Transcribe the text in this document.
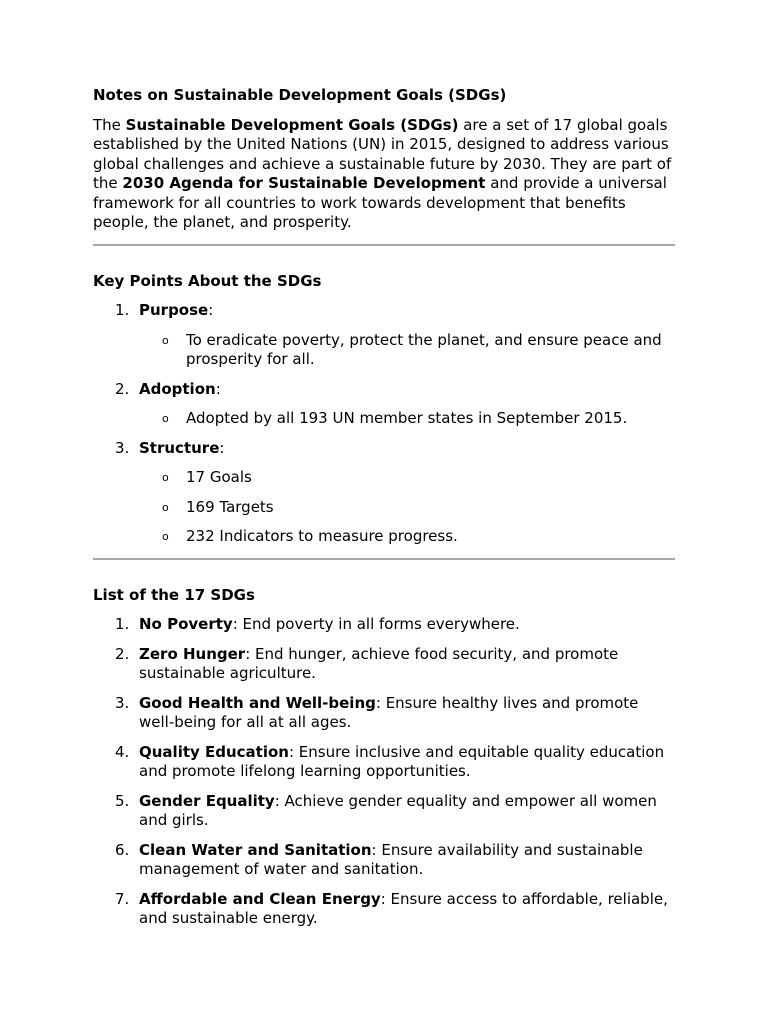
Notes on Sustainable Development Goals (SDGs)

The Sustainable Development Goals (SDGs) are a set of 17 global goals established by the United Nations (UN) in 2015, designed to address various global challenges and achieve a sustainable future by 2030. They are part of the 2030 Agenda for Sustainable Development and provide a universal framework for all countries to work towards development that benefits people, the planet, and prosperity.

Key Points About the SDGs
1. Purpose:
o To eradicate poverty, protect the planet, and ensure peace and prosperity for all.
2. Adoption:
o Adopted by all 193 UN member states in September 2015.
3. Structure:
o 17 Goals
o 169 Targets
o 232 Indicators to measure progress.
List of the 17 SDGs
1. No Poverty: End poverty in all forms everywhere.
2. Zero Hunger: End hunger, achieve food security, and promote sustainable agriculture.
3. Good Health and Well-being: Ensure healthy lives and promote well-being for all at all ages.
4. Quality Education: Ensure inclusive and equitable quality education and promote lifelong learning opportunities.
5. Gender Equality: Achieve gender equality and empower all women and girls.
6. Clean Water and Sanitation: Ensure availability and sustainable management of water and sanitation.
7. Affordable and Clean Energy: Ensure access to affordable, reliable, and sustainable energy.
